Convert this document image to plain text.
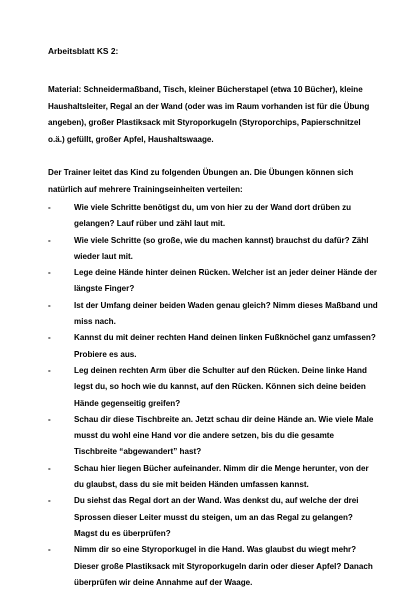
Arbeitsblatt KS 2:
Material: Schneidermaßband, Tisch, kleiner Bücherstapel (etwa 10 Bücher), kleine Haushaltsleiter, Regal an der Wand (oder was im Raum vorhanden ist für die Übung angeben), großer Plastiksack mit Styroporkugeln (Styroporchips, Papierschnitzel o.ä.) gefüllt, großer Apfel, Haushaltswaage.
Der Trainer leitet das Kind zu folgenden Übungen an. Die Übungen können sich natürlich auf mehrere Trainingseinheiten verteilen:
-	Wie viele Schritte benötigst du, um von hier zu der Wand dort drüben zu gelangen? Lauf rüber und zähl laut mit.
-	Wie viele Schritte (so große, wie du machen kannst) brauchst du dafür? Zähl wieder laut mit.
-	Lege deine Hände hinter deinen Rücken. Welcher ist an jeder deiner Hände der längste Finger?
-	Ist der Umfang deiner beiden Waden genau gleich? Nimm dieses Maßband und miss nach.
-	Kannst du mit deiner rechten Hand deinen linken Fußknöchel ganz umfassen? Probiere es aus.
-	Leg deinen rechten Arm über die Schulter auf den Rücken. Deine linke Hand legst du, so hoch wie du kannst, auf den Rücken. Können sich deine beiden Hände gegenseitig greifen?
-	Schau dir diese Tischbreite an. Jetzt schau dir deine Hände an. Wie viele Male musst du wohl eine Hand vor die andere setzen, bis du die gesamte Tischbreite “abgewandert” hast?
-	Schau hier liegen Bücher aufeinander. Nimm dir die Menge herunter, von der du glaubst, dass du sie mit beiden Händen umfassen kannst.
-	Du siehst das Regal dort an der Wand. Was denkst du, auf welche der drei Sprossen dieser Leiter musst du steigen, um an das Regal zu gelangen? Magst du es überprüfen?
-	Nimm dir so eine Styroporkugel in die Hand. Was glaubst du wiegt mehr? Dieser große Plastiksack mit Styroporkugeln darin oder dieser Apfel? Danach überprüfen wir deine Annahme auf der Waage.
